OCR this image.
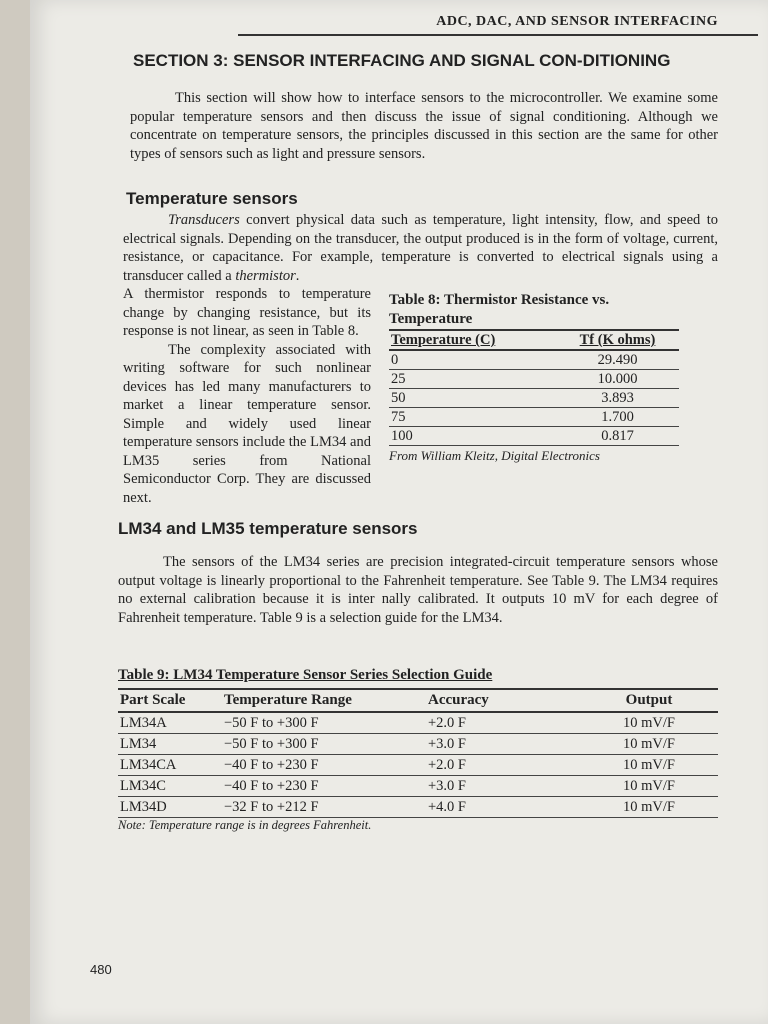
ADC, DAC, AND SENSOR INTERFACING
SECTION 3: SENSOR INTERFACING AND SIGNAL CON-DITIONING

This section will show how to interface sensors to the microcontroller. We examine some popular temperature sensors and then discuss the issue of signal conditioning. Although we concentrate on temperature sensors, the principles discussed in this section are the same for other types of sensors such as light and pressure sensors.

Temperature sensors

Transducers convert physical data such as temperature, light intensity, flow, and speed to electrical signals. Depending on the transducer, the output produced is in the form of voltage, current, resistance, or capacitance. For example, temperature is converted to electrical signals using a transducer called a thermistor.

A thermistor responds to temperature change by changing resistance, but its response is not linear, as seen in Table 8.

The complexity associated with writing software for such nonlinear devices has led many manufacturers to market a linear temperature sensor. Simple and widely used linear temperature sensors include the LM34 and LM35 series from National Semiconductor Corp. They are discussed next.

Table 8: Thermistor Resistance vs. Temperature
Temperature (C)	Tf (K ohms)
0	29.490
25	10.000
50	3.893
75	1.700
100	0.817
From William Kleitz, Digital Electronics
LM34 and LM35 temperature sensors

The sensors of the LM34 series are precision integrated-circuit temperature sensors whose output voltage is linearly proportional to the Fahrenheit temperature. See Table 9. The LM34 requires no external calibration because it is inter nally calibrated. It outputs 10 mV for each degree of Fahrenheit temperature. Table 9 is a selection guide for the LM34.

Table 9: LM34 Temperature Sensor Series Selection Guide
Part Scale	Temperature Range	Accuracy	Output
LM34A	−50 F to +300 F	+2.0 F	10 mV/F
LM34	−50 F to +300 F	+3.0 F	10 mV/F
LM34CA	−40 F to +230 F	+2.0 F	10 mV/F
LM34C	−40 F to +230 F	+3.0 F	10 mV/F
LM34D	−32 F to +212 F	+4.0 F	10 mV/F
Note: Temperature range is in degrees Fahrenheit.
480
